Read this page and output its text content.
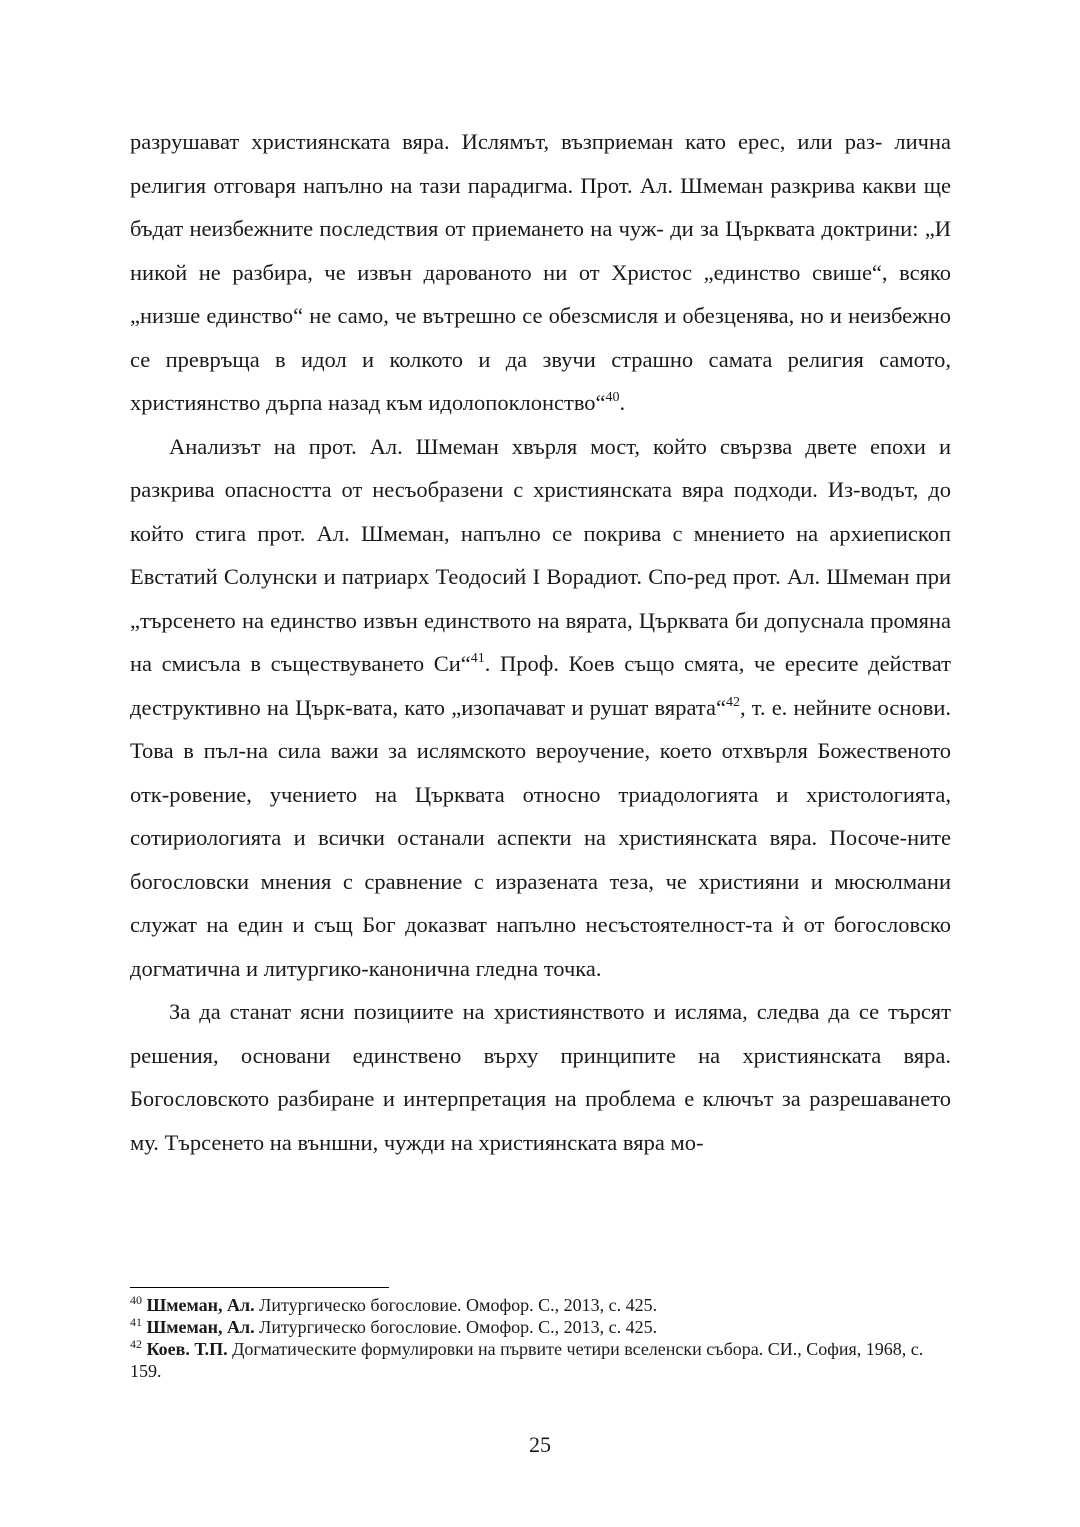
разрушават християнската вяра. Ислямът, възприеман като ерес, или раз- лична религия отговаря напълно на тази парадигма. Прот. Ал. Шмеман разкрива какви ще бъдат неизбежните последствия от приемането на чуж- ди за Църквата доктрини: „И никой не разбира, че извън дарованото ни от Христос „единство свише“, всяко „низше единство“ не само, че вътрешно се обезсмисля и обезценява, но и неизбежно се превръща в идол и колкото и да звучи страшно самата религия самото, християнство дърпа назад към идолопоклонство“$^{40}$.

Анализът на прот. Ал. Шмеман хвърля мост, който свързва двете епохи и разкрива опасността от несъобразени с християнската вяра подходи. Из-водът, до който стига прот. Ал. Шмеман, напълно се покрива с мнението на архиепископ Евстатий Солунски и патриарх Теодосий I Ворадиот. Спо-ред прот. Ал. Шмеман при „търсенето на единство извън единството на вярата, Църквата би допуснала промяна на смисъла в съществуването Си“$^{41}$. Проф. Коев също смята, че ересите действат деструктивно на Църк-вата, като „изопачават и рушат вярата“$^{42}$, т. е. нейните основи. Това в пъл-на сила важи за ислямското вероучение, което отхвърля Божественото отк-ровение, учението на Църквата относно триадологията и христологията, сотириологията и всички останали аспекти на християнската вяра. Посоче-ните богословски мнения с сравнение с изразената теза, че християни и мюсюлмани служат на един и същ Бог доказват напълно несъстоятелност-та ѝ от богословско догматична и литургико-канонична гледна точка.

За да станат ясни позициите на християнството и исляма, следва да се търсят решения, основани единствено върху принципите на християнската вяра. Богословското разбиране и интерпретация на проблема е ключът за разрешаването му. Търсенето на външни, чужди на християнската вяра мо-

$^{40}$ Шмеман, Ал. Литургическо богословие. Омофор. С., 2013, с. 425.

$^{41}$ Шмеман, Ал. Литургическо богословие. Омофор. С., 2013, с. 425.

$^{42}$ Коев. Т.П. Догматическите формулировки на първите четири вселенски събора. СИ., София, 1968, с. 159.

25
